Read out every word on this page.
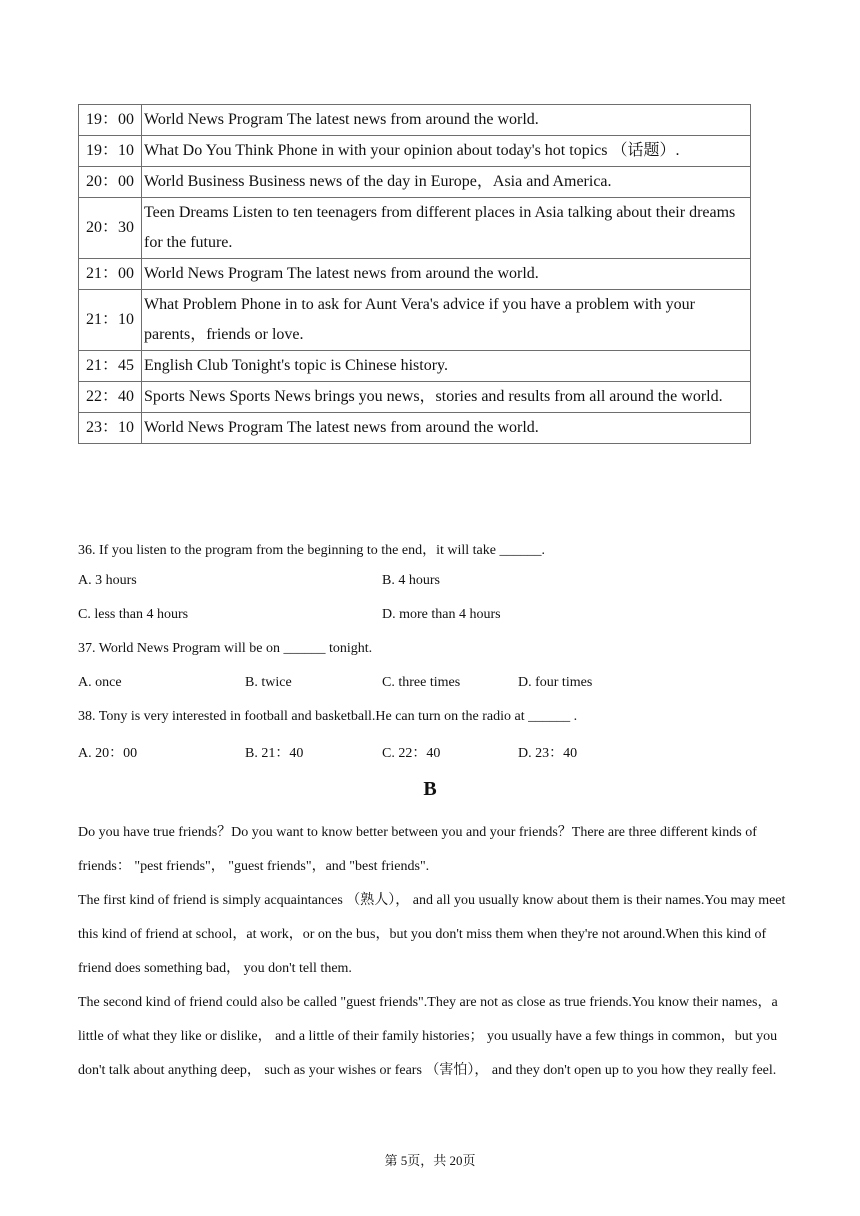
19：00	World News Program The latest news from around the world.
19：10	What Do You Think Phone in with your opinion about today's hot topics （话题）.
20：00	World Business Business news of the day in Europe，Asia and America.
20：30	Teen Dreams Listen to ten teenagers from different places in Asia talking about their dreams for the future.
21：00	World News Program The latest news from around the world.
21：10	What Problem Phone in to ask for Aunt Vera's advice if you have a problem with your parents，friends or love.
21：45	English Club Tonight's topic is Chinese history.
22：40	Sports News Sports News brings you news，stories and results from all around the world.
23：10	World News Program The latest news from around the world.
36. If you listen to the program from the beginning to the end，it will take ______.
A. 3 hours	B. 4 hours
C. less than 4 hours	D. more than 4 hours
37. World News Program will be on ______ tonight.
A. once	B. twice	C. three times	D. four times
38. Tony is very interested in football and basketball.He can turn on the radio at ______ .
A. 20：00	B. 21：40	C. 22：40	D. 23：40
B

Do you have true friends？Do you want to know better between you and your friends？There are three different kinds of friends： "pest friends"， "guest friends"，and "best friends".

The first kind of friend is simply acquaintances （熟人）， and all you usually know about them is their names.You may meet this kind of friend at school，at work，or on the bus，but you don't miss them when they're not around.When this kind of friend does something bad， you don't tell them.

The second kind of friend could also be called "guest friends".They are not as close as true friends.You know their names，a little of what they like or dislike， and a little of their family histories； you usually have a few things in common，but you don't talk about anything deep， such as your wishes or fears （害怕）， and they don't open up to you how they really feel.

第 5页，共 20页
